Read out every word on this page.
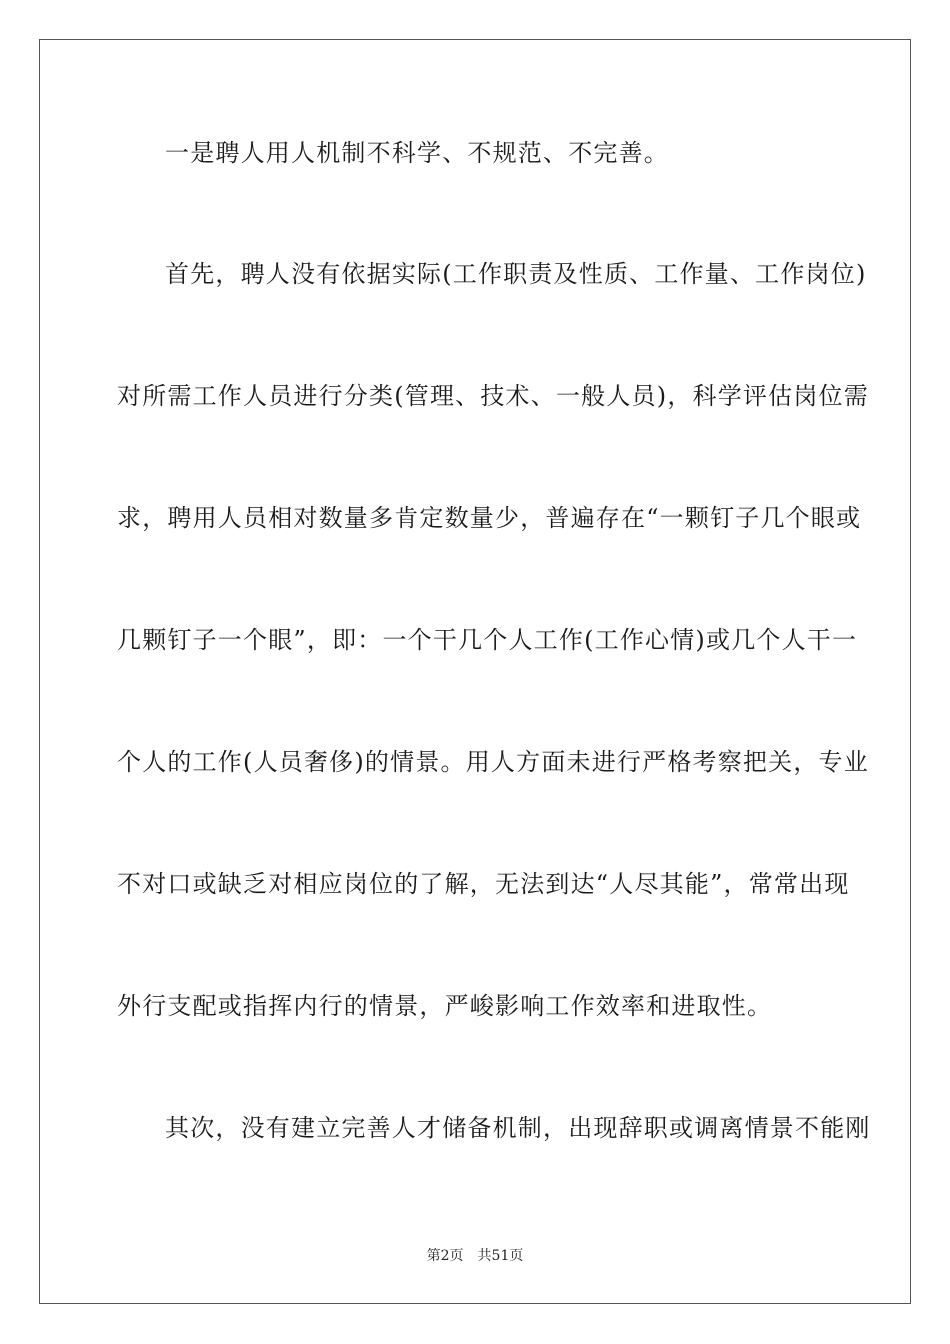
一是聘人用人机制不科学、不规范、不完善。
首先，聘人没有依据实际(工作职责及性质、工作量、工作岗位)
对所需工作人员进行分类(管理、技术、一般人员)，科学评估岗位需
求，聘用人员相对数量多肯定数量少，普遍存在“一颗钉子几个眼或
几颗钉子一个眼”，即：一个干几个人工作(工作心情)或几个人干一
个人的工作(人员奢侈)的情景。用人方面未进行严格考察把关，专业
不对口或缺乏对相应岗位的了解，无法到达“人尽其能”，常常出现
外行支配或指挥内行的情景，严峻影响工作效率和进取性。
其次，没有建立完善人才储备机制，出现辞职或调离情景不能刚
第2页 共51页
